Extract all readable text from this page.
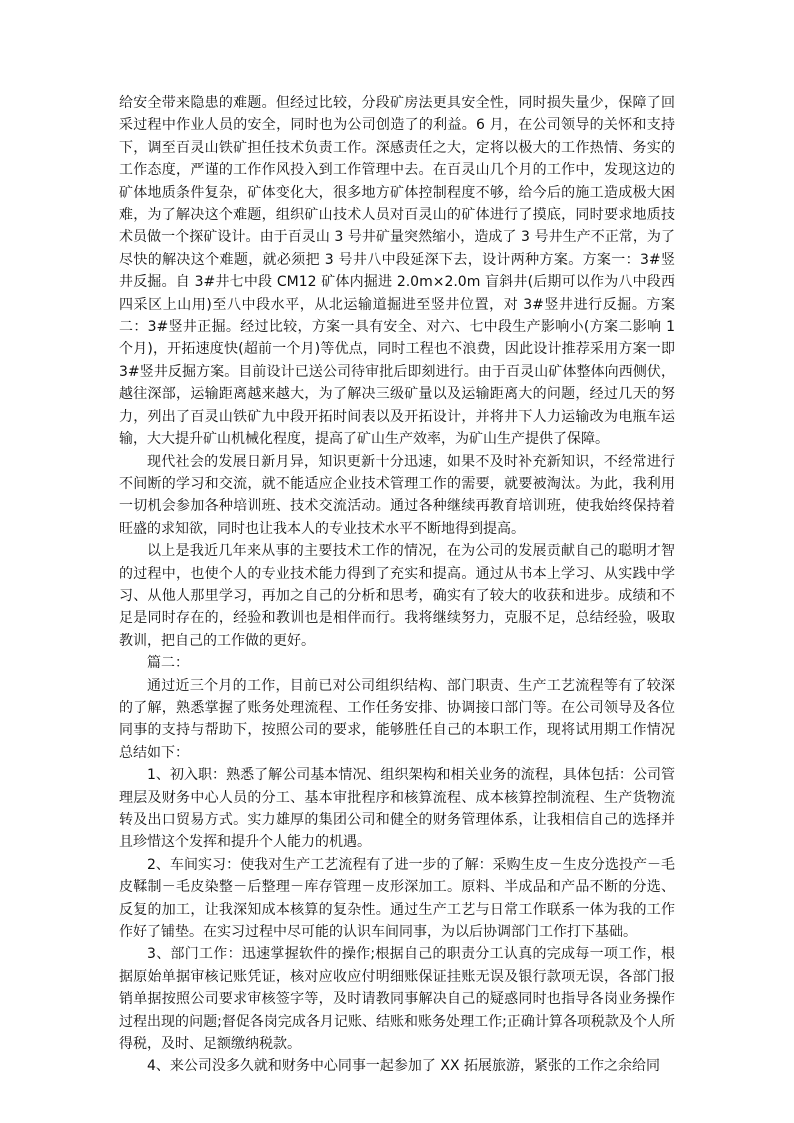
给安全带来隐患的难题。但经过比较，分段矿房法更具安全性，同时损失量少，保障了回采过程中作业人员的安全，同时也为公司创造了的利益。6 月，在公司领导的关怀和支持下，调至百灵山铁矿担任技术负责工作。深感责任之大，定将以极大的工作热情、务实的工作态度，严谨的工作作风投入到工作管理中去。在百灵山几个月的工作中，发现这边的矿体地质条件复杂，矿体变化大，很多地方矿体控制程度不够，给今后的施工造成极大困难，为了解决这个难题，组织矿山技术人员对百灵山的矿体进行了摸底，同时要求地质技术员做一个探矿设计。由于百灵山 3 号井矿量突然缩小，造成了 3 号井生产不正常，为了尽快的解决这个难题，就必须把 3 号井八中段延深下去，设计两种方案。方案一：3#竖井反掘。自 3#井七中段 CM12 矿体内掘进 2.0m×2.0m 盲斜井(后期可以作为八中段西四采区上山用)至八中段水平，从北运输道掘进至竖井位置，对 3#竖井进行反掘。方案二：3#竖井正掘。经过比较，方案一具有安全、对六、七中段生产影响小(方案二影响 1 个月)，开拓速度快(超前一个月)等优点，同时工程也不浪费，因此设计推荐采用方案一即 3#竖井反掘方案。目前设计已送公司待审批后即刻进行。由于百灵山矿体整体向西侧伏，越往深部，运输距离越来越大，为了解决三级矿量以及运输距离大的问题，经过几天的努力，列出了百灵山铁矿九中段开拓时间表以及开拓设计，并将井下人力运输改为电瓶车运输，大大提升矿山机械化程度，提高了矿山生产效率，为矿山生产提供了保障。

现代社会的发展日新月异，知识更新十分迅速，如果不及时补充新知识，不经常进行不间断的学习和交流，就不能适应企业技术管理工作的需要，就要被淘汰。为此，我利用一切机会参加各种培训班、技术交流活动。通过各种继续再教育培训班，使我始终保持着旺盛的求知欲，同时也让我本人的专业技术水平不断地得到提高。

以上是我近几年来从事的主要技术工作的情况，在为公司的发展贡献自己的聪明才智的过程中，也使个人的专业技术能力得到了充实和提高。通过从书本上学习、从实践中学习、从他人那里学习，再加之自己的分析和思考，确实有了较大的收获和进步。成绩和不足是同时存在的，经验和教训也是相伴而行。我将继续努力，克服不足，总结经验，吸取教训，把自己的工作做的更好。

篇二：

通过近三个月的工作，目前已对公司组织结构、部门职责、生产工艺流程等有了较深的了解，熟悉掌握了账务处理流程、工作任务安排、协调接口部门等。在公司领导及各位同事的支持与帮助下，按照公司的要求，能够胜任自己的本职工作，现将试用期工作情况总结如下：

1、初入职：熟悉了解公司基本情况、组织架构和相关业务的流程，具体包括：公司管理层及财务中心人员的分工、基本审批程序和核算流程、成本核算控制流程、生产货物流转及出口贸易方式。实力雄厚的集团公司和健全的财务管理体系，让我相信自己的选择并且珍惜这个发挥和提升个人能力的机遇。

2、车间实习：使我对生产工艺流程有了进一步的了解：采购生皮－生皮分选投产－毛皮鞣制－毛皮染整－后整理－库存管理－皮形深加工。原料、半成品和产品不断的分选、反复的加工，让我深知成本核算的复杂性。通过生产工艺与日常工作联系一体为我的工作作好了铺垫。在实习过程中尽可能的认识车间同事，为以后协调部门工作打下基础。

3、部门工作：迅速掌握软件的操作;根据自己的职责分工认真的完成每一项工作，根据原始单据审核记账凭证，核对应收应付明细账保证挂账无误及银行款项无误，各部门报销单据按照公司要求审核签字等，及时请教同事解决自己的疑惑同时也指导各岗业务操作过程出现的问题;督促各岗完成各月记账、结账和账务处理工作;正确计算各项税款及个人所得税，及时、足额缴纳税款。

4、来公司没多久就和财务中心同事一起参加了 XX 拓展旅游，紧张的工作之余给同
